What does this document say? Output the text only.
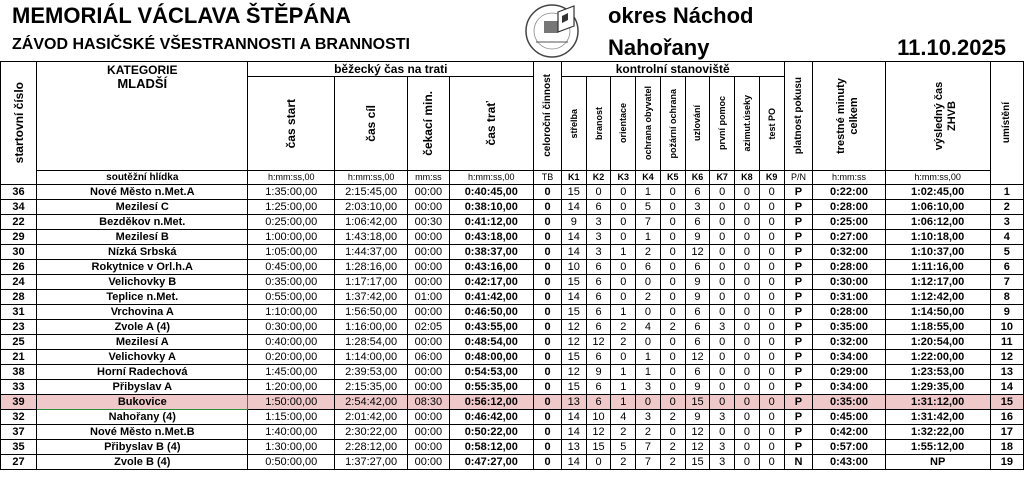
MEMORIÁL VÁCLAVA ŠTĚPÁNA
ZÁVOD HASIČSKÉ VŠESTRANNOSTI A BRANNOSTI
okres Náchod
Nahořany	11.10.2025
startovní číslo	KATEGORIE
MLADŠÍ	běžecký čas na trati				celoroční činnost	kontrolní stanoviště									platnost pokusu	trestné minuty celkem	výsledný čas ZHVB	umístění

		čas start	čas cíl	čekací min.	čas trať		střelba	branost	orientace	ochrana obyvatel	požární ochrana	uzlování	první pomoc	azimut.úseky	test PO				

	soutěžní hlídka	h:mm:ss,00	h:mm:ss,00	mm:ss	h:mm:ss,00	TB	K1	K2	K3	K4	K5	K6	K7	K8	K9	P/N	h:mm:ss	h:mm:ss,00	
36	Nové Město n.Met.A	1:35:00,00	2:15:45,00	00:00	0:40:45,00	0	15	0	0	1	0	6	0	0	0	P	0:22:00	1:02:45,00	1
34	Mezilesí C	1:25:00,00	2:03:10,00	00:00	0:38:10,00	0	14	6	0	5	0	3	0	0	0	P	0:28:00	1:06:10,00	2
22	Bezděkov n.Met.	0:25:00,00	1:06:42,00	00:30	0:41:12,00	0	9	3	0	7	0	6	0	0	0	P	0:25:00	1:06:12,00	3
29	Mezilesí B	1:00:00,00	1:43:18,00	00:00	0:43:18,00	0	14	3	0	1	0	9	0	0	0	P	0:27:00	1:10:18,00	4
30	Nízká Srbská	1:05:00,00	1:44:37,00	00:00	0:38:37,00	0	14	3	1	2	0	12	0	0	0	P	0:32:00	1:10:37,00	5
26	Rokytnice v Orl.h.A	0:45:00,00	1:28:16,00	00:00	0:43:16,00	0	10	6	0	6	0	6	0	0	0	P	0:28:00	1:11:16,00	6
24	Velichovky B	0:35:00,00	1:17:17,00	00:00	0:42:17,00	0	15	6	0	0	0	9	0	0	0	P	0:30:00	1:12:17,00	7
28	Teplice n.Met.	0:55:00,00	1:37:42,00	01:00	0:41:42,00	0	14	6	0	2	0	9	0	0	0	P	0:31:00	1:12:42,00	8
31	Vrchovina A	1:10:00,00	1:56:50,00	00:00	0:46:50,00	0	15	6	1	0	0	6	0	0	0	P	0:28:00	1:14:50,00	9
23	Zvole A (4)	0:30:00,00	1:16:00,00	02:05	0:43:55,00	0	12	6	2	4	2	6	3	0	0	P	0:35:00	1:18:55,00	10
25	Mezilesí A	0:40:00,00	1:28:54,00	00:00	0:48:54,00	0	12	12	2	0	0	6	0	0	0	P	0:32:00	1:20:54,00	11
21	Velichovky A	0:20:00,00	1:14:00,00	06:00	0:48:00,00	0	15	6	0	1	0	12	0	0	0	P	0:34:00	1:22:00,00	12
38	Horní Radechová	1:45:00,00	2:39:53,00	00:00	0:54:53,00	0	12	9	1	1	0	6	0	0	0	P	0:29:00	1:23:53,00	13
33	Přibyslav A	1:20:00,00	2:15:35,00	00:00	0:55:35,00	0	15	6	1	3	0	9	0	0	0	P	0:34:00	1:29:35,00	14
39	Bukovice	1:50:00,00	2:54:42,00	08:30	0:56:12,00	0	13	6	1	0	0	15	0	0	0	P	0:35:00	1:31:12,00	15
32	Nahořany (4)	1:15:00,00	2:01:42,00	00:00	0:46:42,00	0	14	10	4	3	2	9	3	0	0	P	0:45:00	1:31:42,00	16
37	Nové Město n.Met.B	1:40:00,00	2:30:22,00	00:00	0:50:22,00	0	14	12	2	2	0	12	0	0	0	P	0:42:00	1:32:22,00	17
35	Přibyslav B (4)	1:30:00,00	2:28:12,00	00:00	0:58:12,00	0	13	15	5	7	2	12	3	0	0	P	0:57:00	1:55:12,00	18
27	Zvole B (4)	0:50:00,00	1:37:27,00	00:00	0:47:27,00	0	14	0	2	7	2	15	3	0	0	N	0:43:00	NP	19
